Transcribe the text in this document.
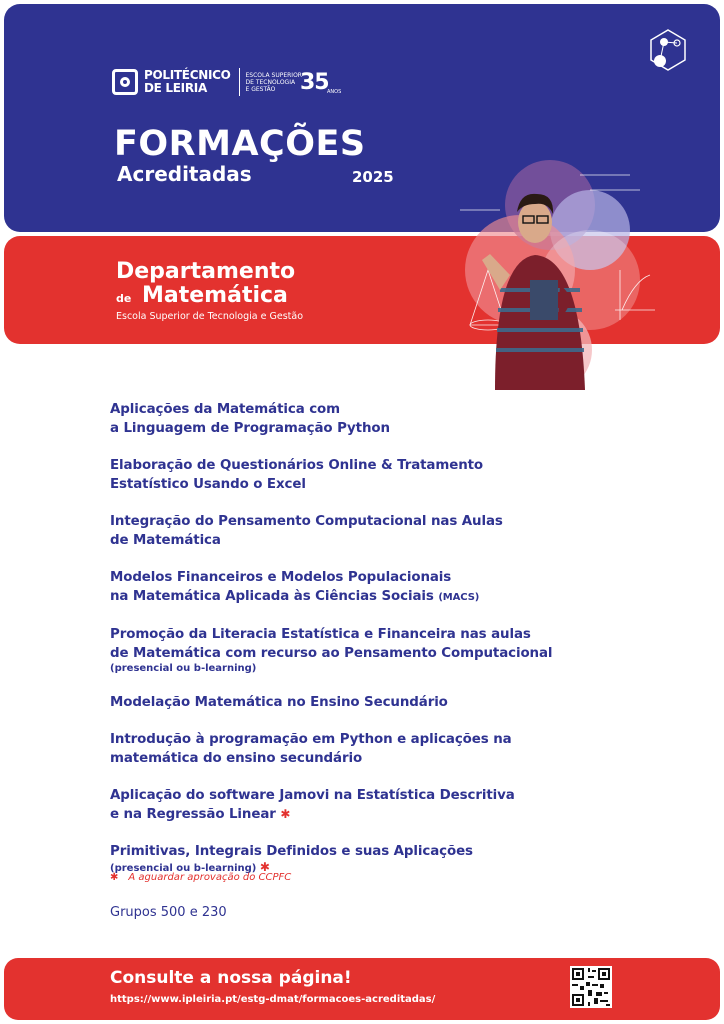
POLITÉCNICO
DE LEIRIA
ESCOLA SUPERIOR
DE TECNOLOGIA
E GESTÃO	35
ANOS
FORMAÇÕES
Acreditadas	2025
Departamento
de Matemática
Escola Superior de Tecnologia e Gestão
Aplicações da Matemática com
a Linguagem de Programação Python
Elaboração de Questionários Online & Tratamento
Estatístico Usando o Excel
Integração do Pensamento Computacional nas Aulas
de Matemática
Modelos Financeiros e Modelos Populacionais
na Matemática Aplicada às Ciências Sociais (MACS)
Promoção da Literacia Estatística e Financeira nas aulas
de Matemática com recurso ao Pensamento Computacional
(presencial ou b-learning)
Modelação Matemática no Ensino Secundário
Introdução à programação em Python e aplicações na
matemática do ensino secundário
Aplicação do software Jamovi na Estatística Descritiva
e na Regressão Linear ✱
Primitivas, Integrais Definidos e suas Aplicações
(presencial ou b-learning) ✱
✱ A aguardar aprovação do CCPFC
Grupos 500 e 230
Consulte a nossa página!
https://www.ipleiria.pt/estg-dmat/formacoes-acreditadas/
